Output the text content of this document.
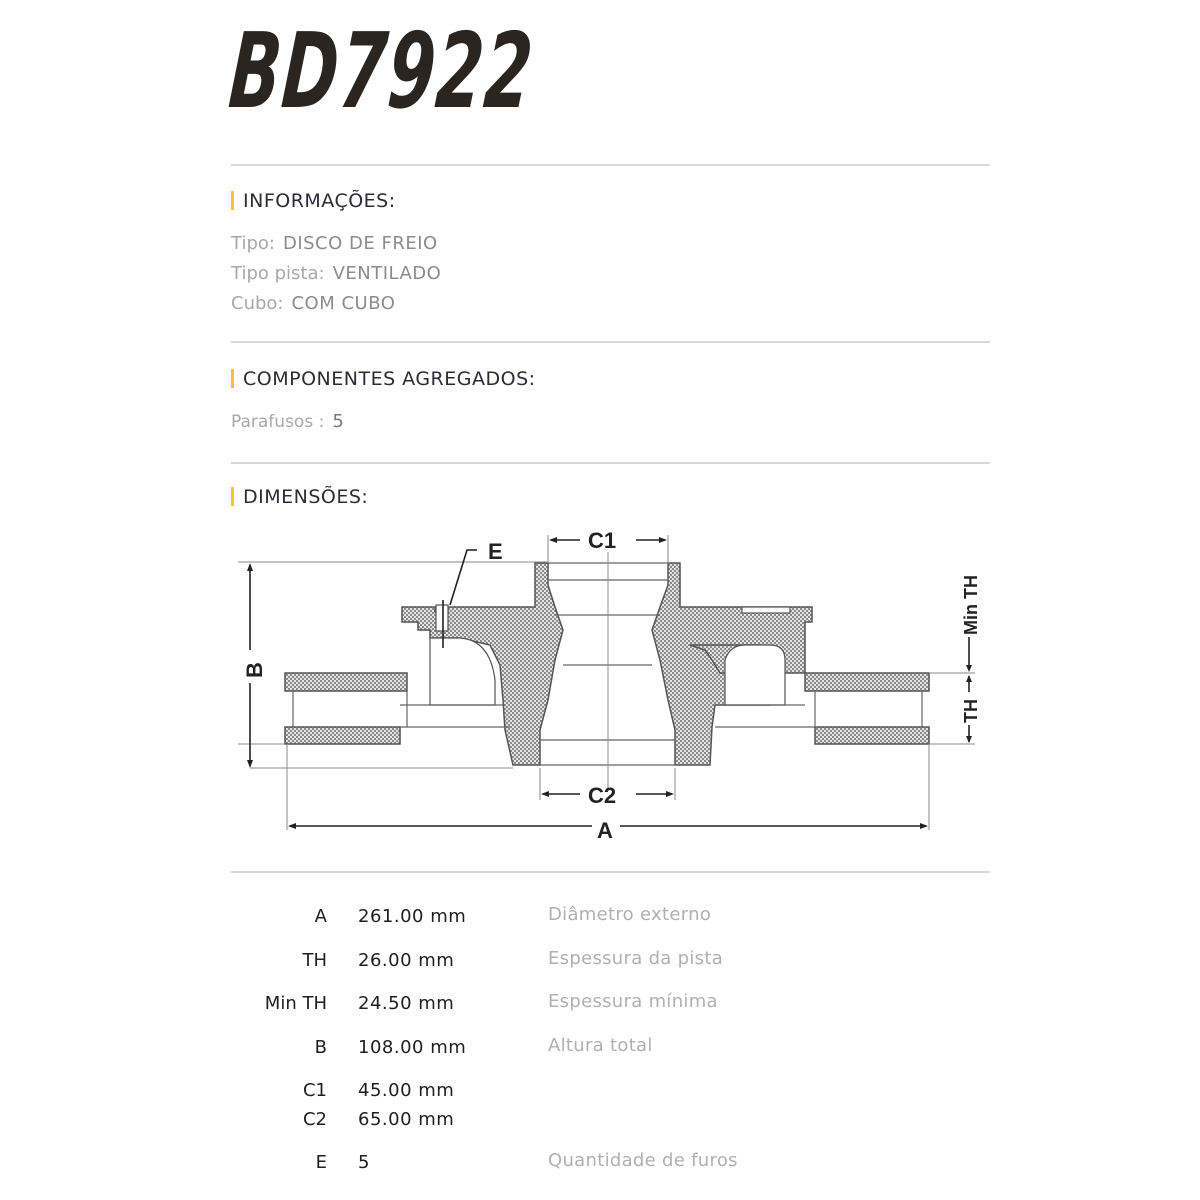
BD7922
INFORMAÇÕES:
Tipo: DISCO DE FREIO
Tipo pista: VENTILADO
Cubo: COM CUBO
COMPONENTES AGREGADOS:
Parafusos : 5
DIMENSÕES:
E	C1
C2
A
B
Min TH
TH
A 261.00 mm	Diâmetro externo
TH 26.00 mm	Espessura da pista
Min TH 24.50 mm	Espessura mínima
B 108.00 mm	Altura total
C1 45.00 mm
C2 65.00 mm
E 5	Quantidade de furos
